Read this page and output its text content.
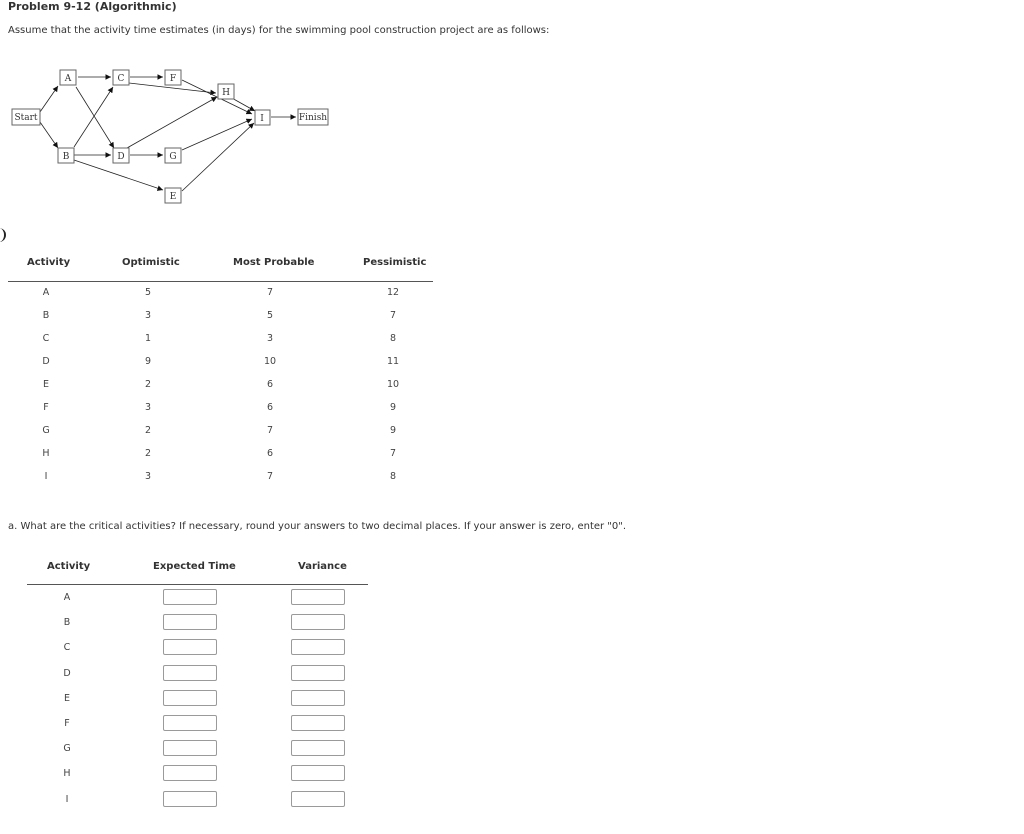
Problem 9-12 (Algorithmic)
Assume that the activity time estimates (in days) for the swimming pool construction project are as follows:
Start
A
B
C
D
F
G
E
H
I	Finish
Activity	Optimistic	Most Probable	Pessimistic
A	5	7	12
B	3	5	7
C	1	3	8
D	9	10	11
E	2	6	10
F	3	6	9
G	2	7	9
H	2	6	7
I	3	7	8
a. What are the critical activities? If necessary, round your answers to two decimal places. If your answer is zero, enter "0".
Activity	Expected Time	Variance
A
B
C
D
E
F
G
H
I
